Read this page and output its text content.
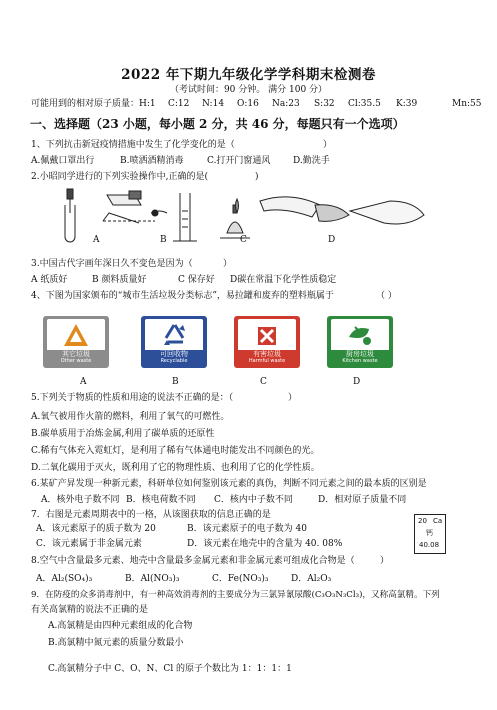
2022 年下期九年级化学学科期末检测卷
（考试时间：90 分钟。 满分 100 分）
可能用到的相对原子质量：H:1 C:12 N:14 O:16 Na:23 S:32 Cl:35.5 K:39	Mn:55
一、选择题（23 小题，每小题 2 分，共 46 分，每题只有一个选项）
1、下列抗击新冠疫情措施中发生了化学变化的是（	）
A.佩戴口罩出行	B.喷洒酒精消毒	C.打开门窗通风	D.勤洗手
2.小昭同学进行的下列实验操作中,正确的是(	)
A	B	C	D
3.中国古代字画年深日久不变色是因为（	）
A 纸质好	B 颜料质量好	C 保存好 D碳在常温下化学性质稳定
4、下图为国家颁布的“城市生活垃圾分类标志”，易拉罐和废弃的塑料瓶属于	（ ）
其它垃圾
Other waste
可回收物
Recyclable
有害垃圾
Harmful waste
厨房垃圾
Kitchen waste
A	B	C	D
5.下列关于物质的性质和用途的说法不正确的是：（	）
A.氧气被用作火箭的燃料，利用了氧气的可燃性。
B.碳单质用于冶炼金属,利用了碳单质的还原性
C.稀有气体充入霓虹灯，是利用了稀有气体通电时能发出不同颜色的光。
D.二氧化碳用于灭火，既利用了它的物理性质、也利用了它的化学性质。
6.某矿产昇发现一种新元素，科研单位如何鉴别该元素的真伪，判断不同元素之间的最本质的区别是
A．核外电子数不同 B．核电荷数不同 C．核内中子数不同	D．相对原子质量不同
7．右图是元素周期表中的一格，从该图获取的信息正确的是
A．该元素原子的质子数为 20	B．该元素原子的电子数为 40
C．该元素属于非金属元素	D．该元素在地壳中的含量为 40. 08%
20 Ca
钙
40.08
8.空气中含量最多元素、地壳中含量最多金属元素和非金属元素可组成化合物是（	）
A．Al₂(SO₄)₃	B．Al(NO₃)₃	C．Fe(NO₃)₃	D．Al₂O₃
9．在防疫的众多消毒剂中，有一种高效消毒剂的主要成分为三氯异氰尿酸(C₃O₃N₃Cl₃)，又称高氯精。下列
有关高氯精的说法不正确的是
A.高氯精是由四种元素组成的化合物
B.高氯精中氮元素的质量分数最小
C.高氯精分子中 C、O、N、Cl 的原子个数比为 1：1：1：1
